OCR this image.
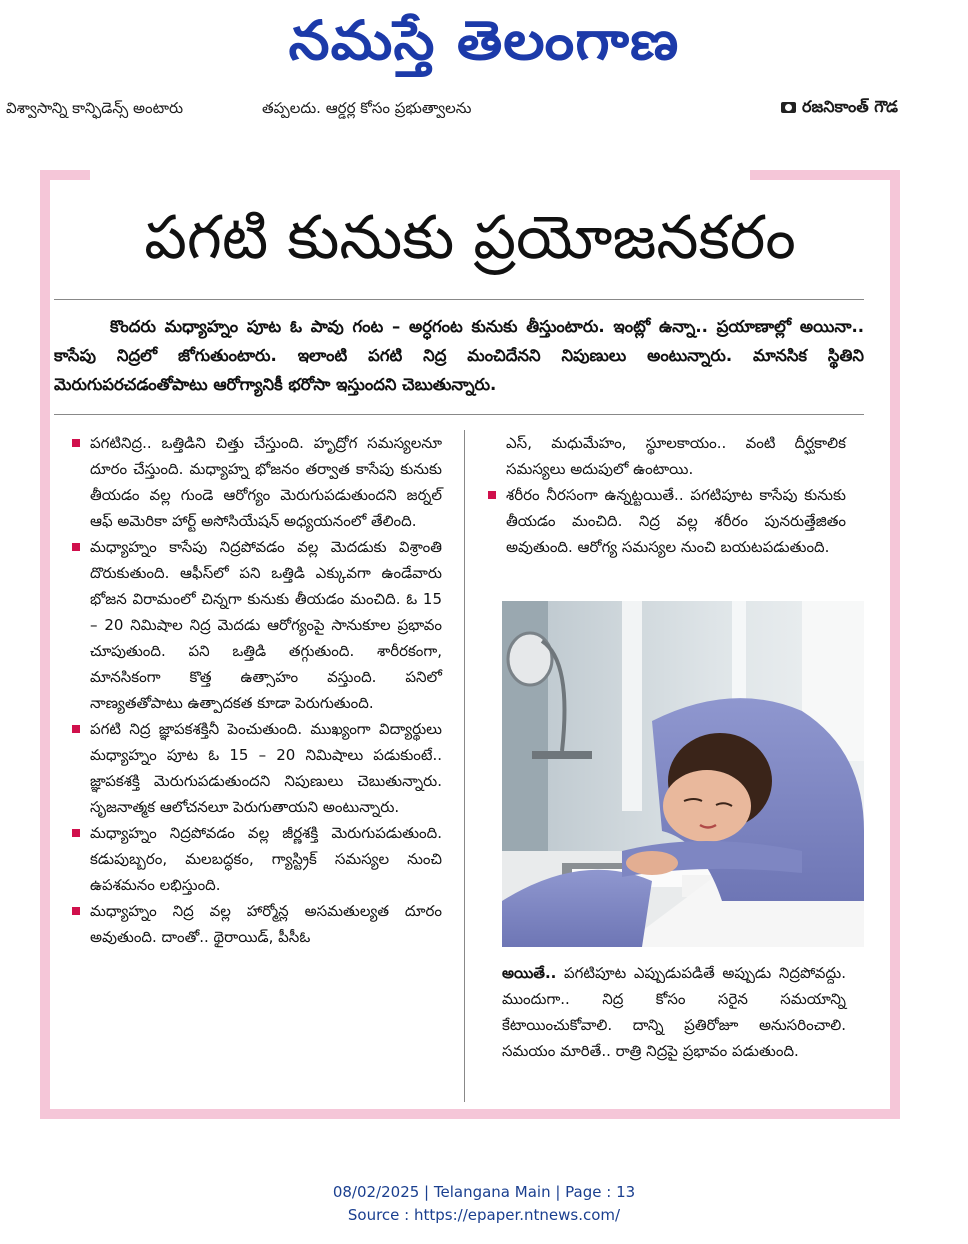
నమస్తే తెలంగాణ
విశ్వాసాన్ని కాన్ఫిడెన్స్ అంటారు	తప్పలదు. ఆర్డర్ల కోసం ప్రభుత్వాలను	రజనికాంత్ గౌడ
పగటి కునుకు ప్రయోజనకరం

కొందరు మధ్యాహ్నం పూట ఓ పావు గంట – అర్ధగంట కునుకు తీస్తుంటారు. ఇంట్లో ఉన్నా.. ప్రయాణాల్లో అయినా.. కాసేపు నిద్రలో జోగుతుంటారు. ఇలాంటి పగటి నిద్ర మంచిదేనని నిపుణులు అంటున్నారు. మానసిక స్థితిని మెరుగుపరచడంతోపాటు ఆరోగ్యానికీ భరోసా ఇస్తుందని చెబుతున్నారు.

పగటినిద్ర.. ఒత్తిడిని చిత్తు చేస్తుంది. హృద్రోగ సమస్యలనూ దూరం చేస్తుంది. మధ్యాహ్న భోజనం తర్వాత కాసేపు కునుకు తీయడం వల్ల గుండె ఆరోగ్యం మెరుగుపడుతుందని జర్నల్ ఆఫ్ అమెరికా హార్ట్ అసోసియేషన్ అధ్యయనంలో తేలింది.

మధ్యాహ్నం కాసేపు నిద్రపోవడం వల్ల మెదడుకు విశ్రాంతి దొరుకుతుంది. ఆఫీస్‌లో పని ఒత్తిడి ఎక్కువగా ఉండేవారు భోజన విరామంలో చిన్నగా కునుకు తీయడం మంచిది. ఓ 15 – 20 నిమిషాల నిద్ర మెదడు ఆరోగ్యంపై సానుకూల ప్రభావం చూపుతుంది. పని ఒత్తిడి తగ్గుతుంది. శారీరకంగా, మానసికంగా కొత్త ఉత్సాహం వస్తుంది. పనిలో నాణ్యతతోపాటు ఉత్పాదకత కూడా పెరుగుతుంది.

పగటి నిద్ర జ్ఞాపకశక్తినీ పెంచుతుంది. ముఖ్యంగా విద్యార్థులు మధ్యాహ్నం పూట ఓ 15 – 20 నిమిషాలు పడుకుంటే.. జ్ఞాపకశక్తి మెరుగుపడుతుందని నిపుణులు చెబుతున్నారు. సృజనాత్మక ఆలోచనలూ పెరుగుతాయని అంటున్నారు.

మధ్యాహ్నం నిద్రపోవడం వల్ల జీర్ణశక్తి మెరుగుపడుతుంది. కడుపుబ్బరం, మలబద్ధకం, గ్యాస్ట్రిక్ సమస్యల నుంచి ఉపశమనం లభిస్తుంది.

మధ్యాహ్నం నిద్ర వల్ల హార్మోన్ల అసమతుల్యత దూరం అవుతుంది. దాంతో.. థైరాయిడ్, పీసీఓ

ఎస్, మధుమేహం, స్థూలకాయం.. వంటి దీర్ఘకాలిక సమస్యలు అదుపులో ఉంటాయి.

శరీరం నీరసంగా ఉన్నట్టయితే.. పగటిపూట కాసేపు కునుకు తీయడం మంచిది. నిద్ర వల్ల శరీరం పునరుత్తేజితం అవుతుంది. ఆరోగ్య సమస్యల నుంచి బయటపడుతుంది.

అయితే.. పగటిపూట ఎప్పుడుపడితే అప్పుడు నిద్రపోవద్దు. ముందుగా.. నిద్ర కోసం సరైన సమయాన్ని కేటాయించుకోవాలి. దాన్ని ప్రతిరోజూ అనుసరించాలి. సమయం మారితే.. రాత్రి నిద్రపై ప్రభావం పడుతుంది.

08/02/2025 | Telangana Main | Page : 13
Source : https://epaper.ntnews.com/
